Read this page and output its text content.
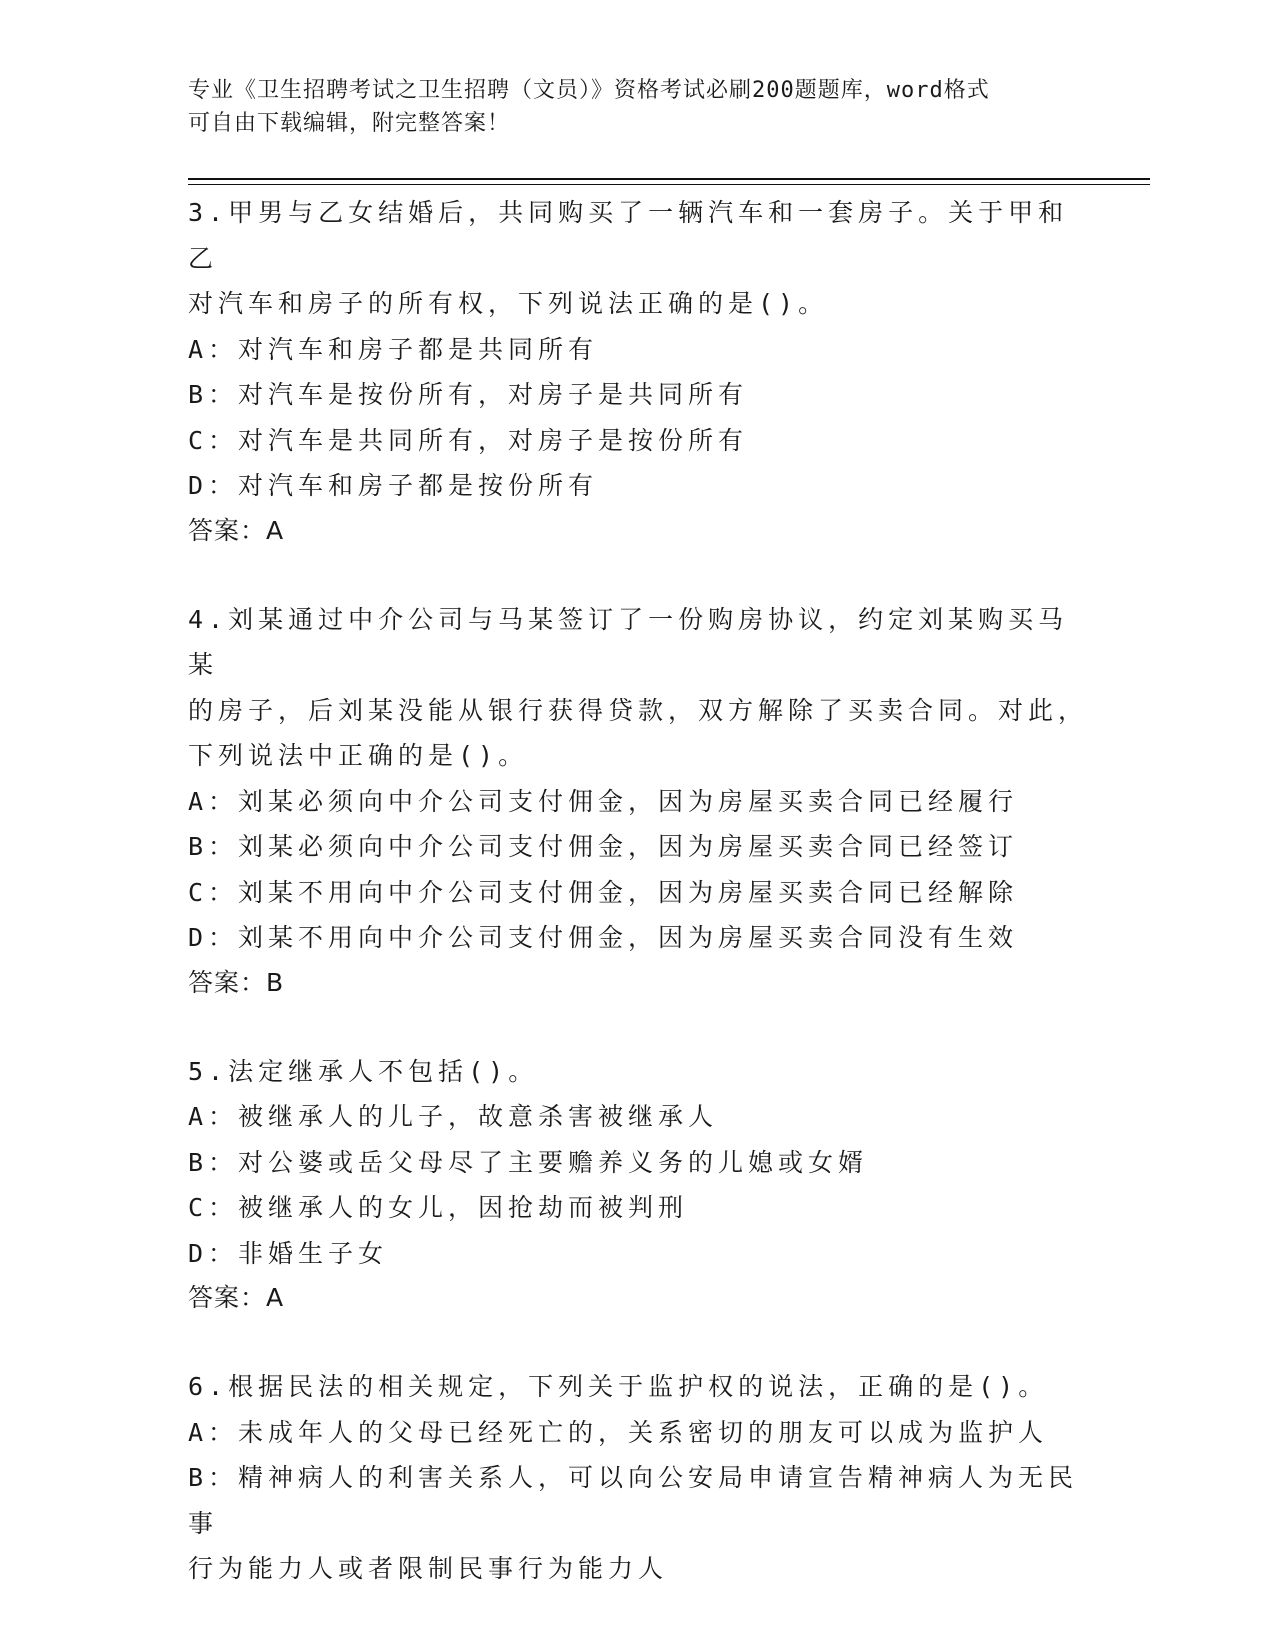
专业《卫生招聘考试之卫生招聘（文员）》资格考试必刷200题题库，word格式
可自由下载编辑，附完整答案！
3.甲男与乙女结婚后，共同购买了一辆汽车和一套房子。关于甲和乙
对汽车和房子的所有权，下列说法正确的是()。
A：对汽车和房子都是共同所有
B：对汽车是按份所有，对房子是共同所有
C：对汽车是共同所有，对房子是按份所有
D：对汽车和房子都是按份所有
答案：A
4.刘某通过中介公司与马某签订了一份购房协议，约定刘某购买马某
的房子，后刘某没能从银行获得贷款，双方解除了买卖合同。对此，
下列说法中正确的是()。
A：刘某必须向中介公司支付佣金，因为房屋买卖合同已经履行
B：刘某必须向中介公司支付佣金，因为房屋买卖合同已经签订
C：刘某不用向中介公司支付佣金，因为房屋买卖合同已经解除
D：刘某不用向中介公司支付佣金，因为房屋买卖合同没有生效
答案：B
5.法定继承人不包括()。
A：被继承人的儿子，故意杀害被继承人
B：对公婆或岳父母尽了主要赡养义务的儿媳或女婿
C：被继承人的女儿，因抢劫而被判刑
D：非婚生子女
答案：A
6.根据民法的相关规定，下列关于监护权的说法，正确的是()。
A：未成年人的父母已经死亡的，关系密切的朋友可以成为监护人
B：精神病人的利害关系人，可以向公安局申请宣告精神病人为无民事
行为能力人或者限制民事行为能力人
